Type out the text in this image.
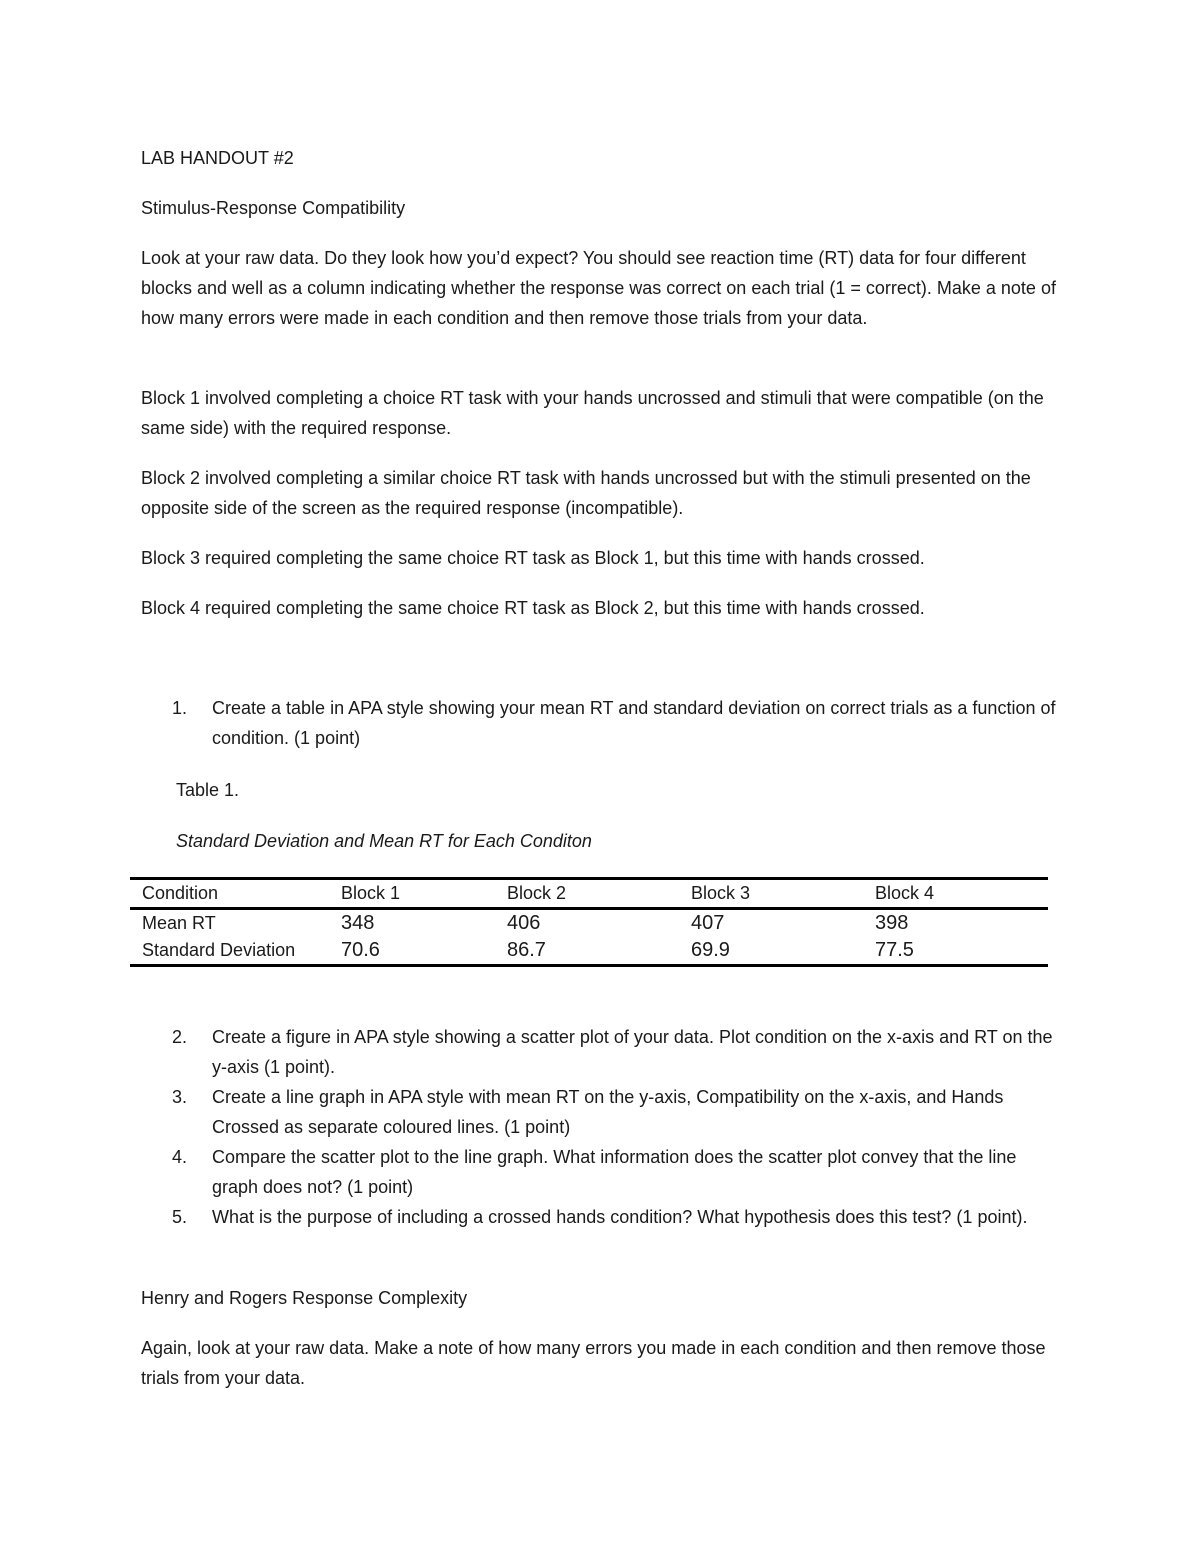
LAB HANDOUT #2

Stimulus-Response Compatibility

Look at your raw data. Do they look how you’d expect? You should see reaction time (RT) data for four different blocks and well as a column indicating whether the response was correct on each trial (1 = correct). Make a note of how many errors were made in each condition and then remove those trials from your data.

Block 1 involved completing a choice RT task with your hands uncrossed and stimuli that were compatible (on the same side) with the required response.

Block 2 involved completing a similar choice RT task with hands uncrossed but with the stimuli presented on the opposite side of the screen as the required response (incompatible).

Block 3 required completing the same choice RT task as Block 1, but this time with hands crossed.

Block 4 required completing the same choice RT task as Block 2, but this time with hands crossed.

1. Create a table in APA style showing your mean RT and standard deviation on correct trials as a function of condition. (1 point)
Table 1.
Standard Deviation and Mean RT for Each Conditon
Condition	Block 1	Block 2	Block 3	Block 4
Mean RT	348	406	407	398
Standard Deviation 70.6	86.7	69.9	77.5
2. Create a figure in APA style showing a scatter plot of your data. Plot condition on the x-axis and RT on the y-axis (1 point).
3. Create a line graph in APA style with mean RT on the y-axis, Compatibility on the x-axis, and Hands Crossed as separate coloured lines. (1 point)
4. Compare the scatter plot to the line graph. What information does the scatter plot convey that the line graph does not? (1 point)
5. What is the purpose of including a crossed hands condition? What hypothesis does this test? (1 point).

Henry and Rogers Response Complexity

Again, look at your raw data. Make a note of how many errors you made in each condition and then remove those trials from your data.
